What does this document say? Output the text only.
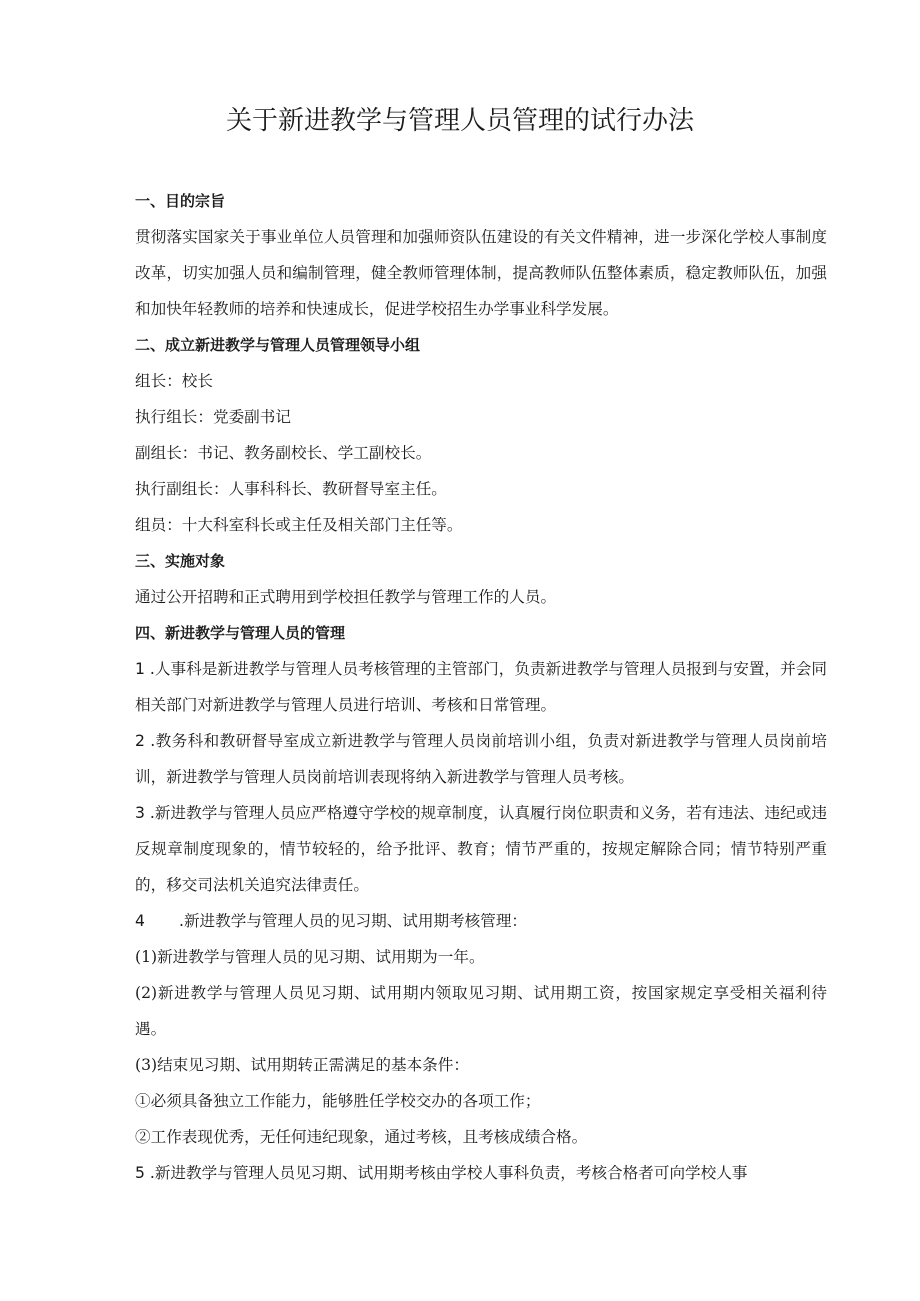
关于新进教学与管理人员管理的试行办法

一、目的宗旨

贯彻落实国家关于事业单位人员管理和加强师资队伍建设的有关文件精神，进一步深化学校人事制度改革，切实加强人员和编制管理，健全教师管理体制，提高教师队伍整体素质，稳定教师队伍，加强和加快年轻教师的培养和快速成长，促进学校招生办学事业科学发展。

二、成立新进教学与管理人员管理领导小组

组长：校长

执行组长：党委副书记

副组长：书记、教务副校长、学工副校长。

执行副组长：人事科科长、教研督导室主任。

组员：十大科室科长或主任及相关部门主任等。

三、实施对象

通过公开招聘和正式聘用到学校担任教学与管理工作的人员。

四、新进教学与管理人员的管理

1 .人事科是新进教学与管理人员考核管理的主管部门，负责新进教学与管理人员报到与安置，并会同相关部门对新进教学与管理人员进行培训、考核和日常管理。

2 .教务科和教研督导室成立新进教学与管理人员岗前培训小组，负责对新进教学与管理人员岗前培训，新进教学与管理人员岗前培训表现将纳入新进教学与管理人员考核。

3 .新进教学与管理人员应严格遵守学校的规章制度，认真履行岗位职责和义务，若有违法、违纪或违反规章制度现象的，情节较轻的，给予批评、教育；情节严重的，按规定解除合同；情节特别严重的，移交司法机关追究法律责任。

4 .新进教学与管理人员的见习期、试用期考核管理：

(1)新进教学与管理人员的见习期、试用期为一年。

(2)新进教学与管理人员见习期、试用期内领取见习期、试用期工资，按国家规定享受相关福利待遇。

(3)结束见习期、试用期转正需满足的基本条件：

①必须具备独立工作能力，能够胜任学校交办的各项工作；

②工作表现优秀，无任何违纪现象，通过考核，且考核成绩合格。

5 .新进教学与管理人员见习期、试用期考核由学校人事科负责，考核合格者可向学校人事
